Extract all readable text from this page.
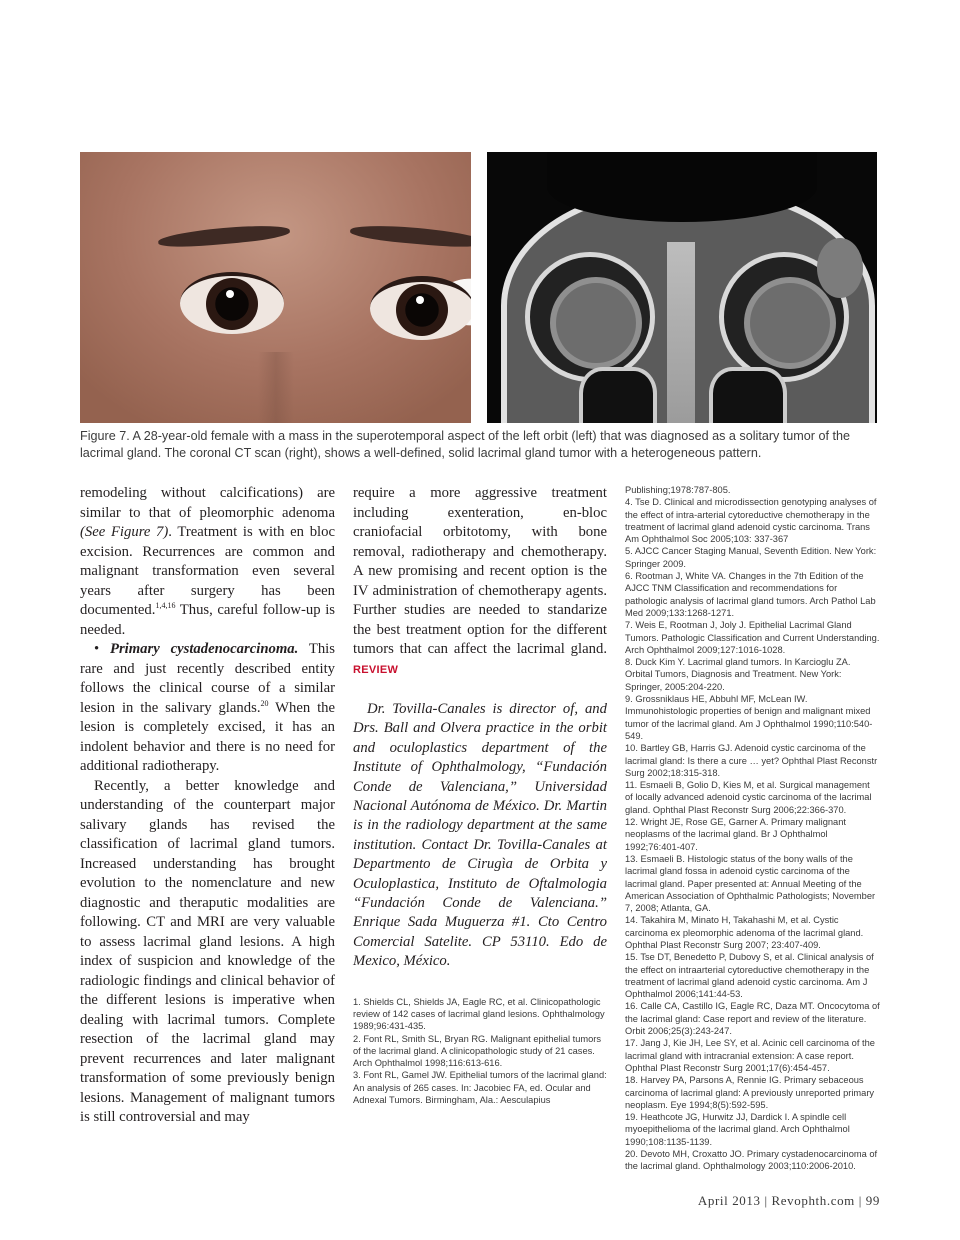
Figure 7. A 28-year-old female with a mass in the superotemporal aspect of the left orbit (left) that was diagnosed as a solitary tumor of the lacrimal gland. The coronal CT scan (right), shows a well-defined, solid lacrimal gland tumor with a heterogeneous pattern.

remodeling without calcifications) are similar to that of pleomorphic adenoma (See Figure 7). Treatment is with en bloc excision. Recurrences are common and malignant transformation even several years after surgery has been documented.$^{1,4,16}$ Thus, careful follow-up is needed.

• Primary cystadenocarcinoma. This rare and just recently described entity follows the clinical course of a similar lesion in the salivary glands.$^{20}$ When the lesion is completely excised, it has an indolent behavior and there is no need for additional radiotherapy.

Recently, a better knowledge and understanding of the counterpart major salivary glands has revised the classification of lacrimal gland tumors. Increased understanding has brought evolution to the nomenclature and new diagnostic and theraputic modalities are following. CT and MRI are very valuable to assess lacrimal gland lesions. A high index of suspicion and knowledge of the radiologic findings and clinical behavior of the different lesions is imperative when dealing with lacrimal tumors. Complete resection of the lacrimal gland may prevent recurrences and later malignant transformation of some previously benign lesions. Management of malignant tumors is still controversial and may

require a more aggressive treatment including exenteration, en-bloc craniofacial orbitotomy, with bone removal, radiotherapy and chemotherapy. A new promising and recent option is the IV administration of chemotherapy agents. Further studies are needed to standarize the best treatment option for the different tumors that can affect the lacrimal gland. REVIEW

Dr. Tovilla-Canales is director of, and Drs. Ball and Olvera practice in the orbit and oculoplastics department of the Institute of Ophthalmology, “Fundación Conde de Valenciana,” Universidad Nacional Autónoma de México. Dr. Martin is in the radiology department at the same institution. Contact Dr. Tovilla-Canales at Departmento de Cirugìa de Orbita y Oculoplastica, Instituto de Oftalmologia “Fundación Conde de Valenciana.” Enrique Sada Muguerza #1. Cto Centro Comercial Satelite. CP 53110. Edo de Mexico, México.

1. Shields CL, Shields JA, Eagle RC, et al. Clinicopathologic review of 142 cases of lacrimal gland lesions. Ophthalmology 1989;96:431-435.
2. Font RL, Smith SL, Bryan RG. Malignant epithelial tumors of the lacrimal gland. A clinicopathologic study of 21 cases. Arch Ophthalmol 1998;116:613-616.
3. Font RL, Gamel JW. Epithelial tumors of the lacrimal gland: An analysis of 265 cases. In: Jacobiec FA, ed. Ocular and Adnexal Tumors. Birmingham, Ala.: Aesculapius
Publishing;1978:787-805.
4. Tse D. Clinical and microdissection genotyping analyses of the effect of intra-arterial cytoreductive chemotherapy in the treatment of lacrimal gland adenoid cystic carcinoma. Trans Am Ophthalmol Soc 2005;103: 337-367
5. AJCC Cancer Staging Manual, Seventh Edition. New York: Springer 2009.
6. Rootman J, White VA. Changes in the 7th Edition of the AJCC TNM Classification and recommendations for pathologic analysis of lacrimal gland tumors. Arch Pathol Lab Med 2009;133:1268-1271.
7. Weis E, Rootman J, Joly J. Epithelial Lacrimal Gland Tumors. Pathologic Classification and Current Understanding. Arch Ophthalmol 2009;127:1016-1028.
8. Duck Kim Y. Lacrimal gland tumors. In Karcioglu ZA. Orbital Tumors, Diagnosis and Treatment. New York: Springer, 2005:204-220.
9. Grossniklaus HE, Abbuhl MF, McLean IW. Immunohistologic properties of benign and malignant mixed tumor of the lacrimal gland. Am J Ophthalmol 1990;110:540-549.
10. Bartley GB, Harris GJ. Adenoid cystic carcinoma of the lacrimal gland: Is there a cure … yet? Ophthal Plast Reconstr Surg 2002;18:315-318.
11. Esmaeli B, Golio D, Kies M, et al. Surgical management of locally advanced adenoid cystic carcinoma of the lacrimal gland. Ophthal Plast Reconstr Surg 2006;22:366-370.
12. Wright JE, Rose GE, Garner A. Primary malignant neoplasms of the lacrimal gland. Br J Ophthalmol 1992;76:401-407.
13. Esmaeli B. Histologic status of the bony walls of the lacrimal gland fossa in adenoid cystic carcinoma of the lacrimal gland. Paper presented at: Annual Meeting of the American Association of Ophthalmic Pathologists; November 7, 2008; Atlanta, GA.
14. Takahira M, Minato H, Takahashi M, et al. Cystic carcinoma ex pleomorphic adenoma of the lacrimal gland. Ophthal Plast Reconstr Surg 2007; 23:407-409.
15. Tse DT, Benedetto P, Dubovy S, et al. Clinical analysis of the effect on intraarterial cytoreductive chemotherapy in the treatment of lacrimal gland adenoid cystic carcinoma. Am J Ophthalmol 2006;141:44-53.
16. Calle CA, Castillo IG, Eagle RC, Daza MT. Oncocytoma of the lacrimal gland: Case report and review of the literature. Orbit 2006;25(3):243-247.
17. Jang J, Kie JH, Lee SY, et al. Acinic cell carcinoma of the lacrimal gland with intracranial extension: A case report. Ophthal Plast Reconstr Surg 2001;17(6):454-457.
18. Harvey PA, Parsons A, Rennie IG. Primary sebaceous carcinoma of lacrimal gland: A previously unreported primary neoplasm. Eye 1994;8(5):592-595.
19. Heathcote JG, Hurwitz JJ, Dardick I. A spindle cell myoepithelioma of the lacrimal gland. Arch Ophthalmol 1990;108:1135-1139.
20. Devoto MH, Croxatto JO. Primary cystadenocarcinoma of the lacrimal gland. Ophthalmology 2003;110:2006-2010.
April 2013 | Revophth.com | 99
